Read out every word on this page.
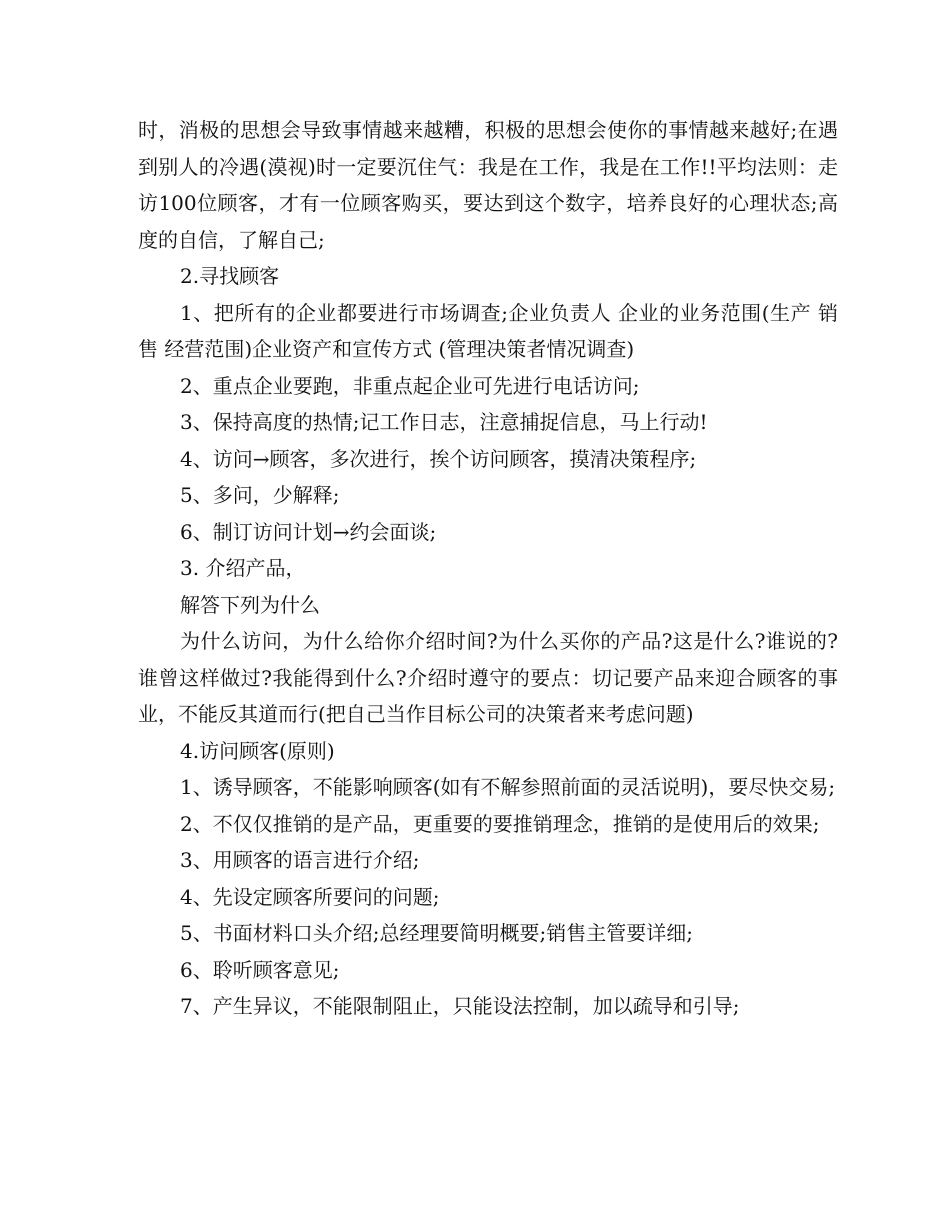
时，消极的思想会导致事情越来越糟，积极的思想会使你的事情越来越好;在遇到别人的冷遇(漠视)时一定要沉住气：我是在工作，我是在工作!!平均法则：走访100位顾客，才有一位顾客购买，要达到这个数字，培养良好的心理状态;高度的自信，了解自己;

2.寻找顾客

1、把所有的企业都要进行市场调查;企业负责人 企业的业务范围(生产 销售 经营范围)企业资产和宣传方式 (管理决策者情况调查)

2、重点企业要跑，非重点起企业可先进行电话访问;

3、保持高度的热情;记工作日志，注意捕捉信息，马上行动!

4、访问→顾客，多次进行，挨个访问顾客，摸清决策程序;

5、多问，少解释;

6、制订访问计划→约会面谈;

3. 介绍产品，

解答下列为什么

为什么访问，为什么给你介绍时间?为什么买你的产品?这是什么?谁说的?谁曾这样做过?我能得到什么?介绍时遵守的要点：切记要产品来迎合顾客的事业，不能反其道而行(把自己当作目标公司的决策者来考虑问题)

4.访问顾客(原则)

1、诱导顾客，不能影响顾客(如有不解参照前面的灵活说明)，要尽快交易;

2、不仅仅推销的是产品，更重要的要推销理念，推销的是使用后的效果;

3、用顾客的语言进行介绍;

4、先设定顾客所要问的问题;

5、书面材料口头介绍;总经理要简明概要;销售主管要详细;

6、聆听顾客意见;

7、产生异议，不能限制阻止，只能设法控制，加以疏导和引导;
